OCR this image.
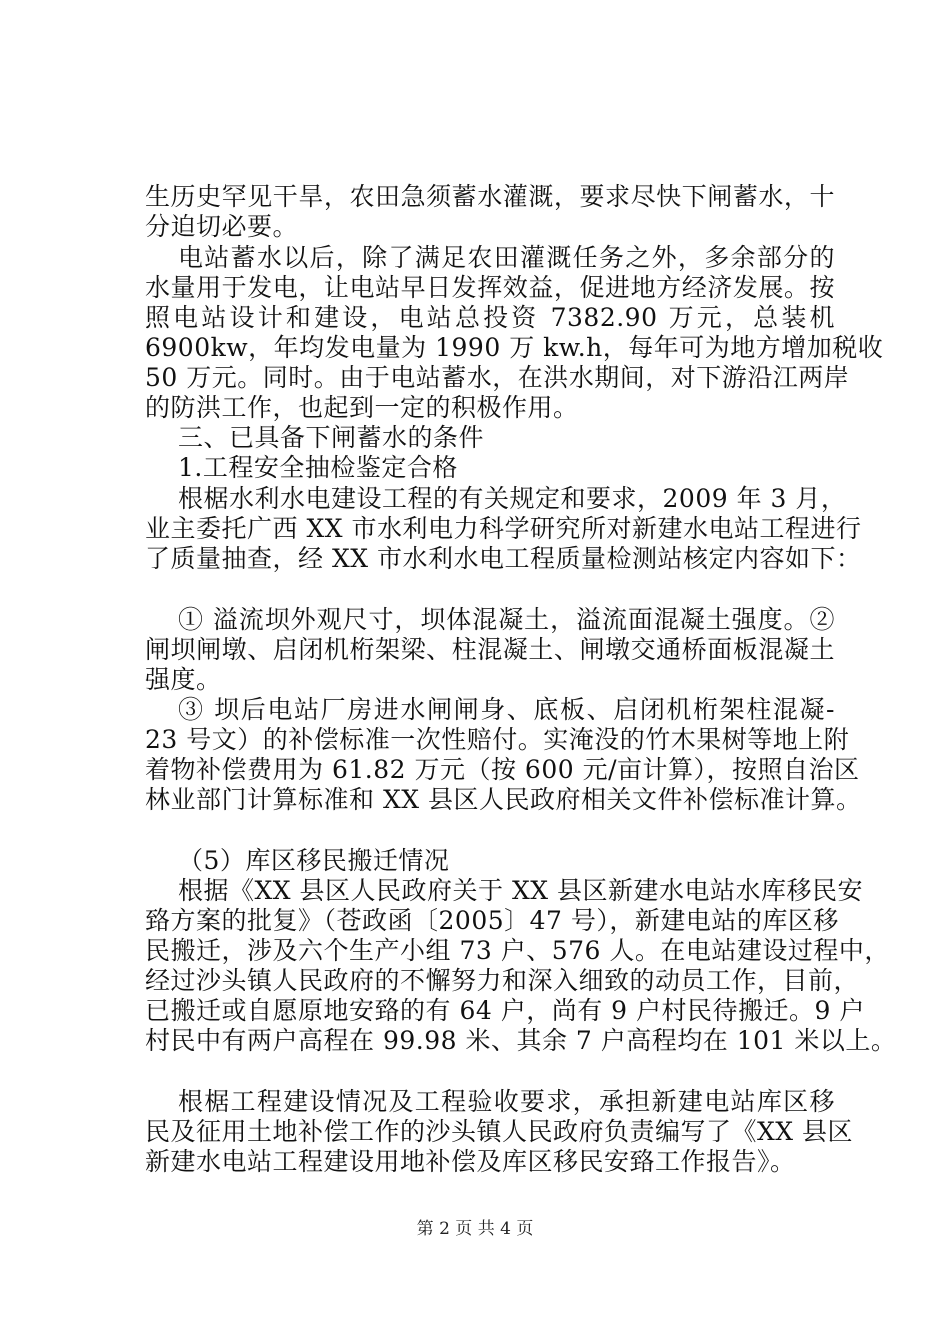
生历史罕见干旱，农田急须蓄水灌溉，要求尽快下闸蓄水，十
分迫切必要。
电站蓄水以后，除了满足农田灌溉任务之外，多余部分的
水量用于发电，让电站早日发挥效益，促进地方经济发展。按
照电站设计和建设，电站总投资 7382.90 万元，总装机
6900kw，年均发电量为 1990 万 kw.h，每年可为地方增加税收
50 万元。同时。由于电站蓄水，在洪水期间，对下游沿江两岸
的防洪工作，也起到一定的积极作用。
三、已具备下闸蓄水的条件
1.工程安全抽检鉴定合格
根椐水利水电建设工程的有关规定和要求，2009 年 3 月，
业主委托广西 XX 市水利电力科学研究所对新建水电站工程进行
了质量抽查，经 XX 市水利水电工程质量检测站核定内容如下：
① 溢流坝外观尺寸，坝体混凝土，溢流面混凝土强度。②
闸坝闸墩、启闭机桁架梁、柱混凝土、闸墩交通桥面板混凝土
强度。
③ 坝后电站厂房进水闸闸身、底板、启闭机桁架柱混凝-
23 号文）的补偿标准一次性赔付。实淹没的竹木果树等地上附
着物补偿费用为 61.82 万元（按 600 元/亩计算），按照自治区
林业部门计算标准和 XX 县区人民政府相关文件补偿标准计算。
（5）库区移民搬迁情况
根据《XX 县区人民政府关于 XX 县区新建水电站水库移民安
臵方案的批复》（苍政函〔2005〕47 号），新建电站的库区移
民搬迁，涉及六个生产小组 73 户、576 人。在电站建设过程中，
经过沙头镇人民政府的不懈努力和深入细致的动员工作，目前，
已搬迁或自愿原地安臵的有 64 户，尚有 9 户村民待搬迁。9 户
村民中有两户高程在 99.98 米、其余 7 户高程均在 101 米以上。
根椐工程建设情况及工程验收要求，承担新建电站库区移
民及征用土地补偿工作的沙头镇人民政府负责编写了《XX 县区
新建水电站工程建设用地补偿及库区移民安臵工作报告》。
第 2 页 共 4 页
